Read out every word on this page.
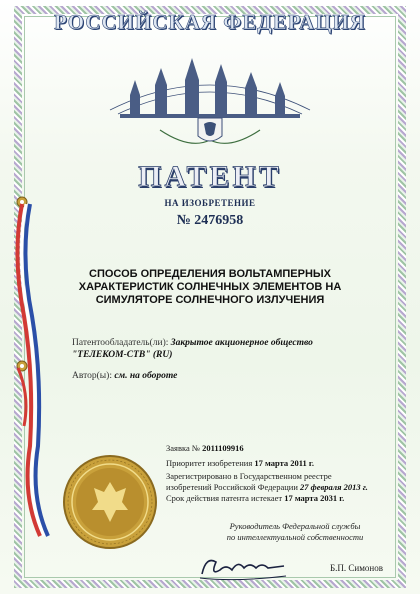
РОССИЙСКАЯ ФЕДЕРАЦИЯ
ПАТЕНТ
НА ИЗОБРЕТЕНИЕ
№ 2476958
СПОСОБ ОПРЕДЕЛЕНИЯ ВОЛЬТАМПЕРНЫХ
ХАРАКТЕРИСТИК СОЛНЕЧНЫХ ЭЛЕМЕНТОВ НА
СИМУЛЯТОРЕ СОЛНЕЧНОГО ИЗЛУЧЕНИЯ
Патентообладатель(ли): Закрытое акционерное общество
"ТЕЛЕКОМ-СТВ" (RU)
Автор(ы): см. на обороте
Заявка № 2011109916
Приоритет изобретения 17 марта 2011 г.
Зарегистрировано в Государственном реестре
изобретений Российской Федерации 27 февраля 2013 г.
Срок действия патента истекает 17 марта 2031 г.
Руководитель Федеральной службы
по интеллектуальной собственности
Б.П. Симонов
